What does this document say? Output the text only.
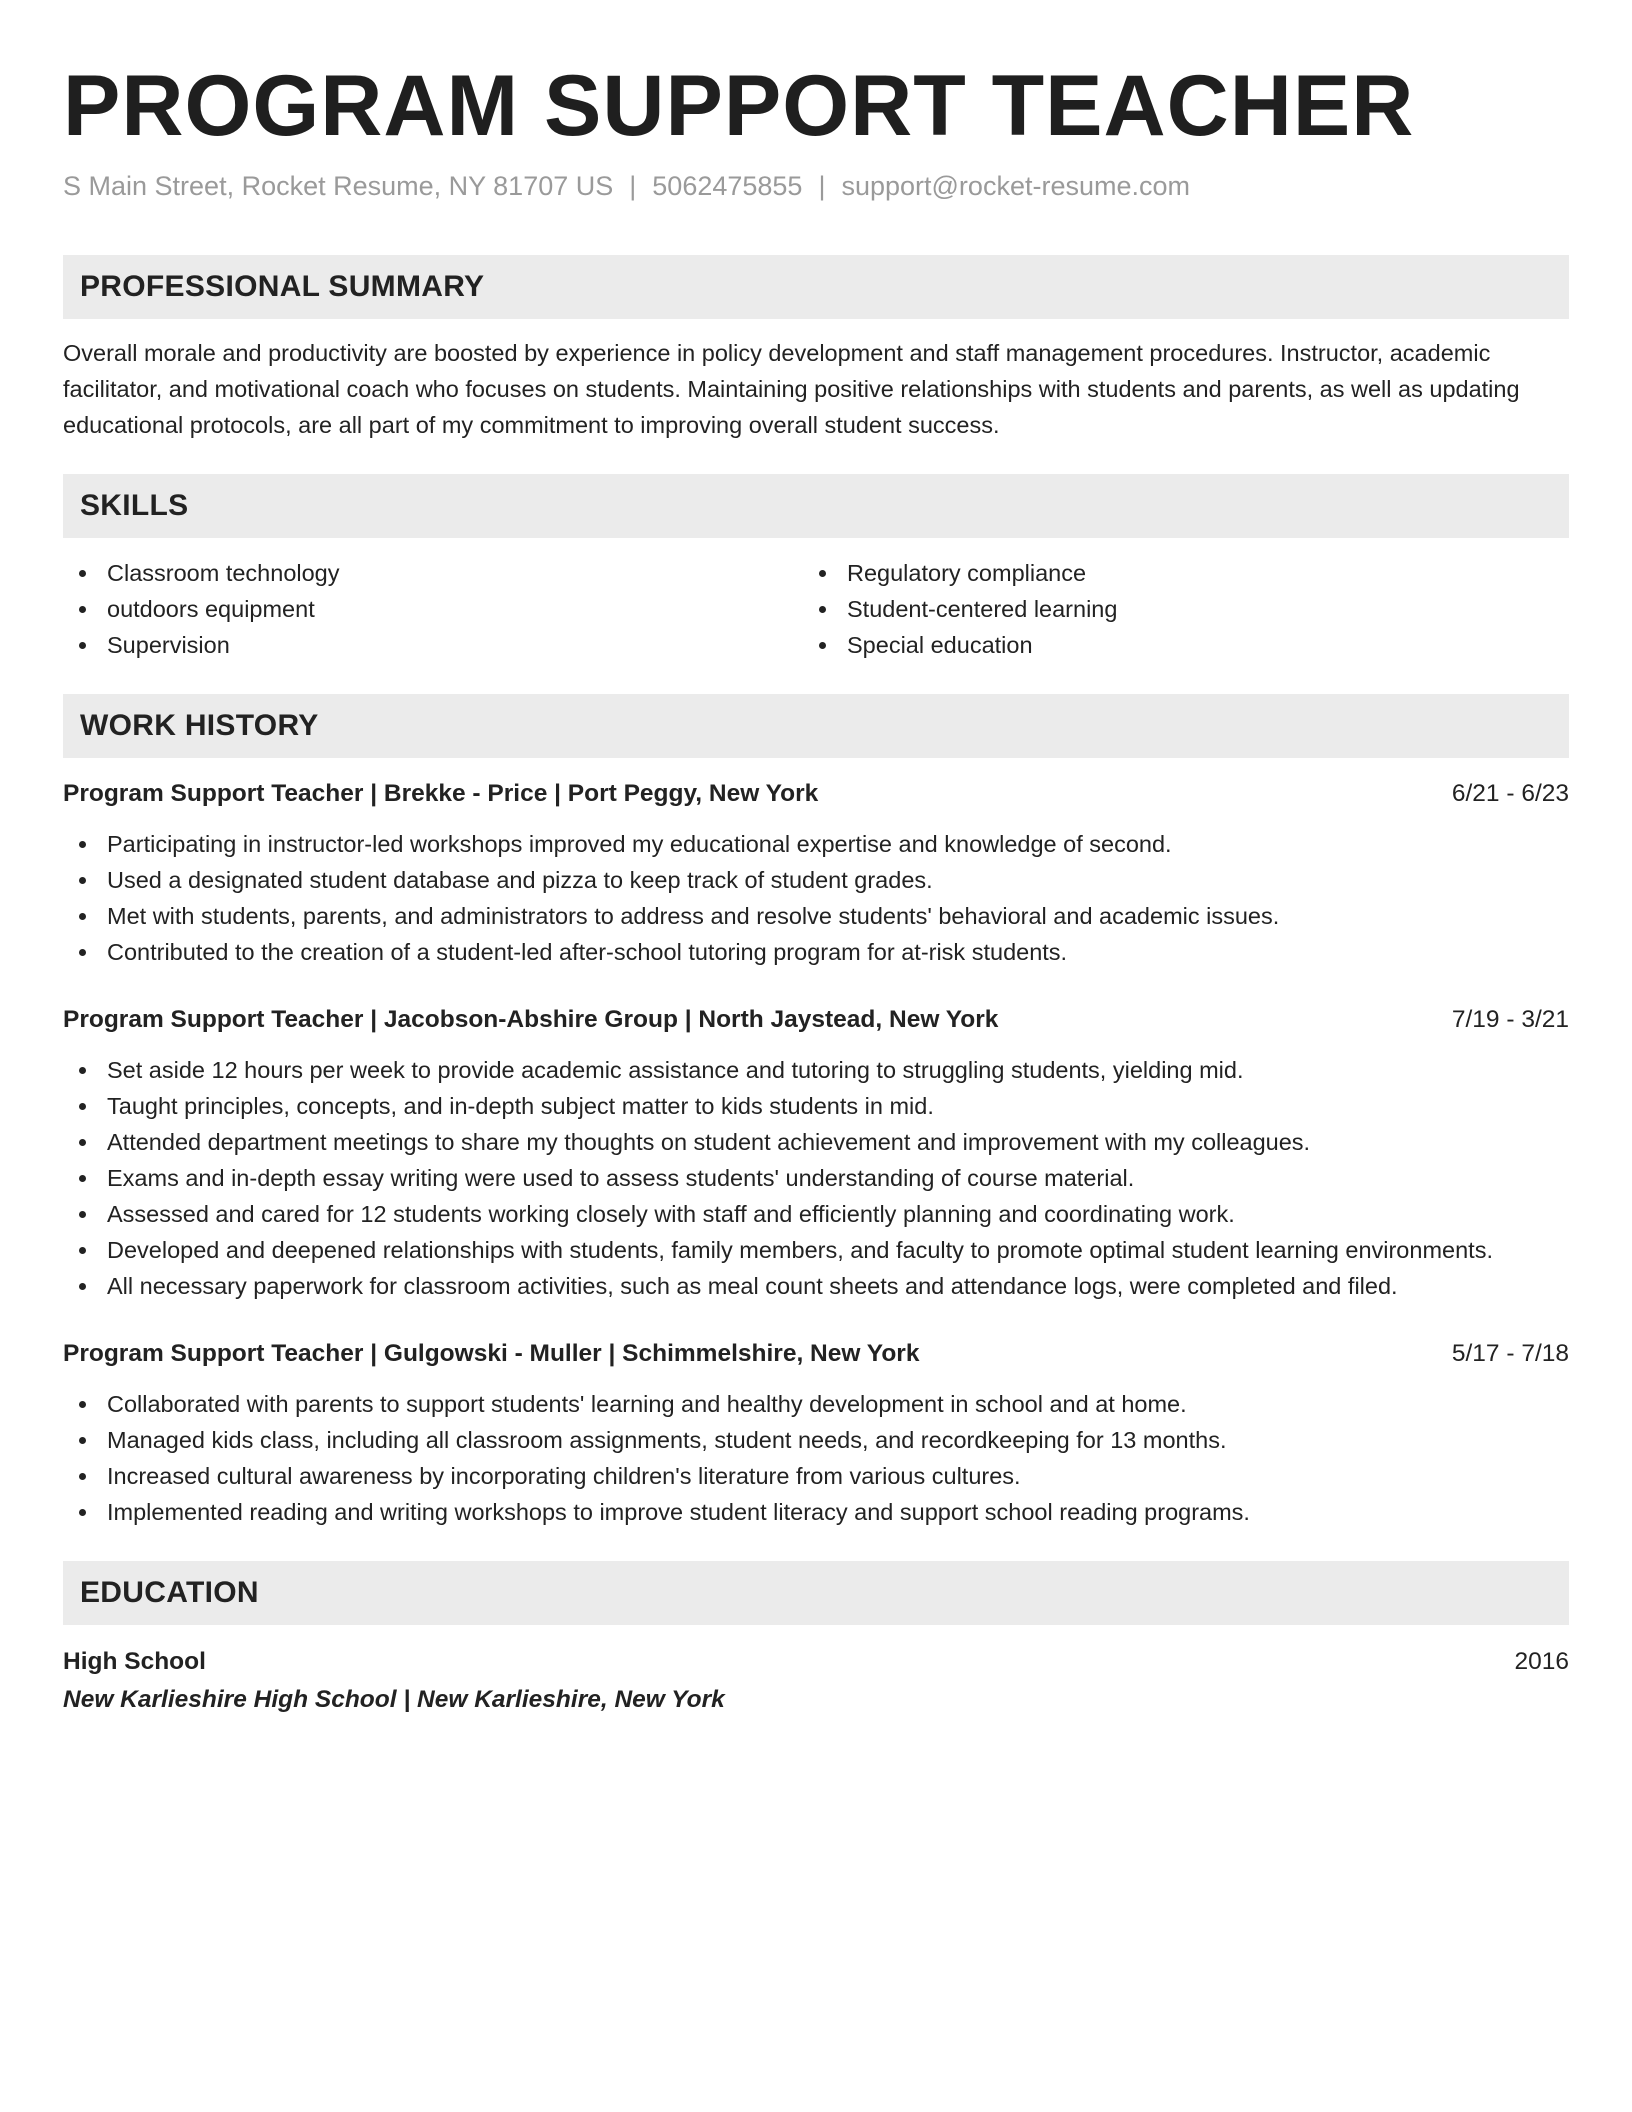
PROGRAM SUPPORT TEACHER
S Main Street, Rocket Resume, NY 81707 US | 5062475855 | support@rocket-resume.com
PROFESSIONAL SUMMARY

Overall morale and productivity are boosted by experience in policy development and staff management procedures. Instructor, academic facilitator, and motivational coach who focuses on students. Maintaining positive relationships with students and parents, as well as updating educational protocols, are all part of my commitment to improving overall student success.

SKILLS
Classroom technology
outdoors equipment
Supervision
Regulatory compliance
Student-centered learning
Special education
WORK HISTORY
Program Support Teacher | Brekke - Price | Port Peggy, New York	6/21 - 6/23
Participating in instructor-led workshops improved my educational expertise and knowledge of second.
Used a designated student database and pizza to keep track of student grades.
Met with students, parents, and administrators to address and resolve students' behavioral and academic issues.
Contributed to the creation of a student-led after-school tutoring program for at-risk students.
Program Support Teacher | Jacobson-Abshire Group | North Jaystead, New York	7/19 - 3/21
Set aside 12 hours per week to provide academic assistance and tutoring to struggling students, yielding mid.
Taught principles, concepts, and in-depth subject matter to kids students in mid.
Attended department meetings to share my thoughts on student achievement and improvement with my colleagues.
Exams and in-depth essay writing were used to assess students' understanding of course material.
Assessed and cared for 12 students working closely with staff and efficiently planning and coordinating work.
Developed and deepened relationships with students, family members, and faculty to promote optimal student learning environments.
All necessary paperwork for classroom activities, such as meal count sheets and attendance logs, were completed and filed.
Program Support Teacher | Gulgowski - Muller | Schimmelshire, New York	5/17 - 7/18
Collaborated with parents to support students' learning and healthy development in school and at home.
Managed kids class, including all classroom assignments, student needs, and recordkeeping for 13 months.
Increased cultural awareness by incorporating children's literature from various cultures.
Implemented reading and writing workshops to improve student literacy and support school reading programs.
EDUCATION
High School	2016
New Karlieshire High School | New Karlieshire, New York
